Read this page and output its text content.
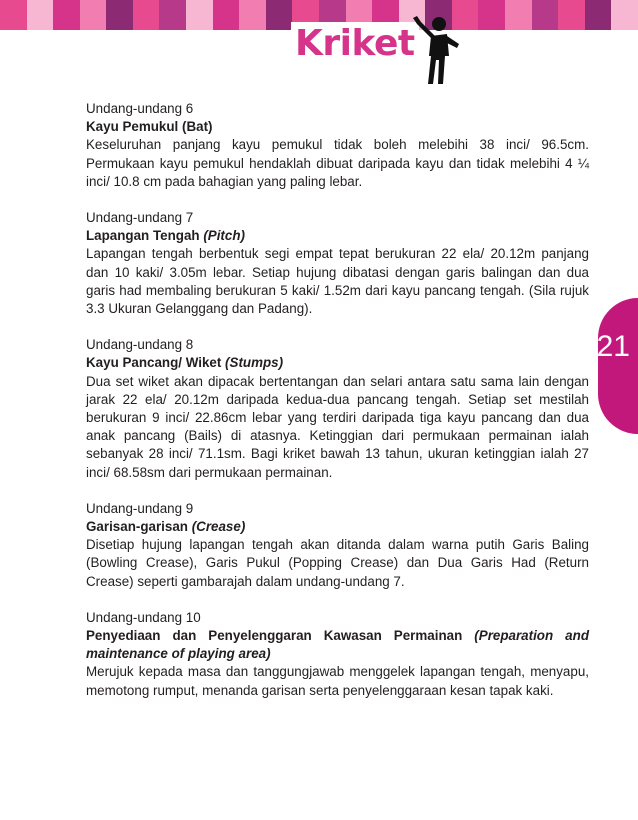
Kriket
21
Undang-undang 6
Kayu Pemukul (Bat)
Keseluruhan panjang kayu pemukul tidak boleh melebihi 38 inci/ 96.5cm. Permukaan kayu pemukul hendaklah dibuat daripada kayu dan tidak melebihi 4 ¼ inci/ 10.8 cm pada bahagian yang paling lebar.
Undang-undang 7
Lapangan Tengah (Pitch)
Lapangan tengah berbentuk segi empat tepat berukuran 22 ela/ 20.12m panjang dan 10 kaki/ 3.05m lebar. Setiap hujung dibatasi dengan garis balingan dan dua garis had membaling berukuran 5 kaki/ 1.52m dari kayu pancang tengah. (Sila rujuk 3.3 Ukuran Gelanggang dan Padang).
Undang-undang 8
Kayu Pancang/ Wiket (Stumps)
Dua set wiket akan dipacak bertentangan dan selari antara satu sama lain dengan jarak 22 ela/ 20.12m daripada kedua-dua pancang tengah. Setiap set mestilah berukuran 9 inci/ 22.86cm lebar yang terdiri daripada tiga kayu pancang dan dua anak pancang (Bails) di atasnya. Ketinggian dari permukaan permainan ialah sebanyak 28 inci/ 71.1sm. Bagi kriket bawah 13 tahun, ukuran ketinggian ialah 27 inci/ 68.58sm dari permukaan permainan.
Undang-undang 9
Garisan-garisan (Crease)
Disetiap hujung lapangan tengah akan ditanda dalam warna putih Garis Baling (Bowling Crease), Garis Pukul (Popping Crease) dan Dua Garis Had (Return Crease) seperti gambarajah dalam undang-undang 7.
Undang-undang 10
Penyediaan dan Penyelenggaran Kawasan Permainan (Preparation and maintenance of playing area)
Merujuk kepada masa dan tanggungjawab menggelek lapangan tengah, menyapu, memotong rumput, menanda garisan serta penyelenggaraan kesan tapak kaki.
